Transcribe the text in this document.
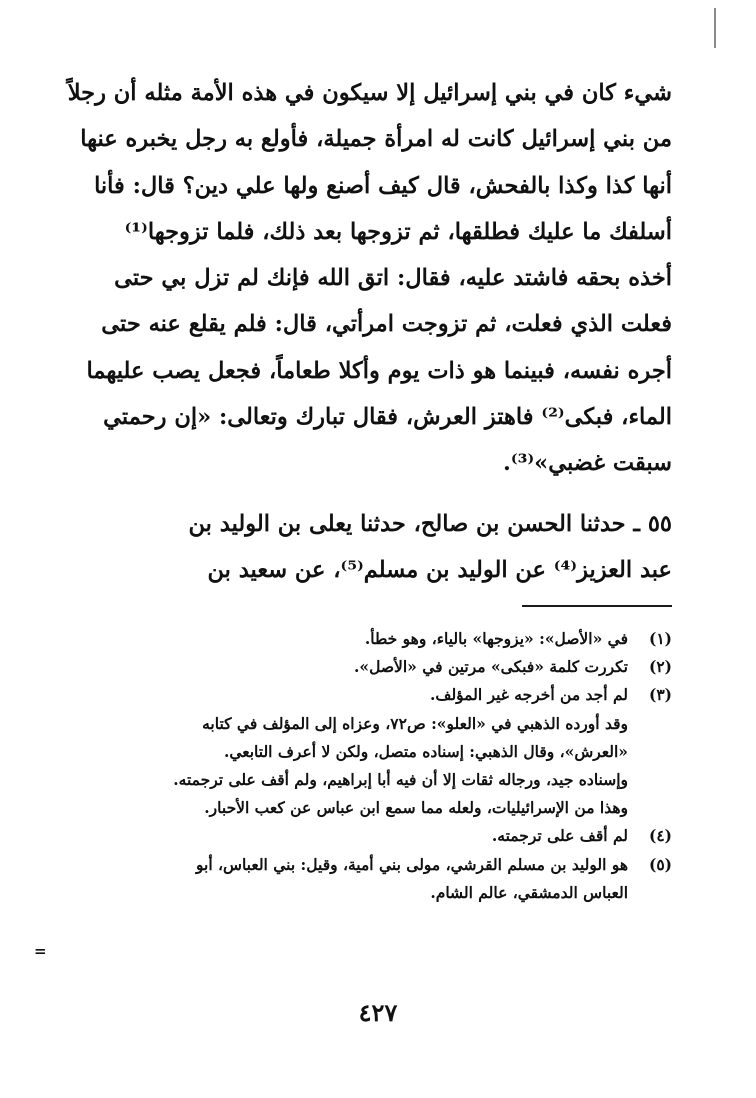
شيء كان في بني إسرائيل إلا سيكون في هذه الأمة مثله أن رجلاً
من بني إسرائيل كانت له امرأة جميلة، فأولع به رجل يخبره عنها
أنها كذا وكذا بالفحش، قال كيف أصنع ولها علي دين؟ قال: فأنا
أسلفك ما عليك فطلقها، ثم تزوجها بعد ذلك، فلما تزوجها⁽¹⁾
أخذه بحقه فاشتد عليه، فقال: اتق الله فإنك لم تزل بي حتى
فعلت الذي فعلت، ثم تزوجت امرأتي، قال: فلم يقلع عنه حتى
أجره نفسه، فبينما هو ذات يوم وأكلا طعاماً، فجعل يصب عليهما
الماء، فبكى⁽²⁾ فاهتز العرش، فقال تبارك وتعالى: «إن رحمتي
سبقت غضبي»⁽³⁾.
٥٥ ـ حدثنا الحسن بن صالح، حدثنا يعلى بن الوليد بن
عبد العزيز⁽⁴⁾ عن الوليد بن مسلم⁽⁵⁾، عن سعيد بن
(١)
في «الأصل»: «يزوجها» بالياء، وهو خطأ.
(٢)
تكررت كلمة «فبكى» مرتين في «الأصل».
(٣)
لم أجد من أخرجه غير المؤلف.
وقد أورده الذهبي في «العلو»: ص٧٢، وعزاه إلى المؤلف في كتابه
«العرش»، وقال الذهبي: إسناده متصل، ولكن لا أعرف التابعي.
وإسناده جيد، ورجاله ثقات إلا أن فيه أبا إبراهيم، ولم أقف على ترجمته.
وهذا من الإسرائيليات، ولعله مما سمع ابن عباس عن كعب الأحبار.
(٤)
لم أقف على ترجمته.
(٥)
هو الوليد بن مسلم القرشي، مولى بني أمية، وقيل: بني العباس، أبو
العباس الدمشقي، عالم الشام.
=
٤٢٧
